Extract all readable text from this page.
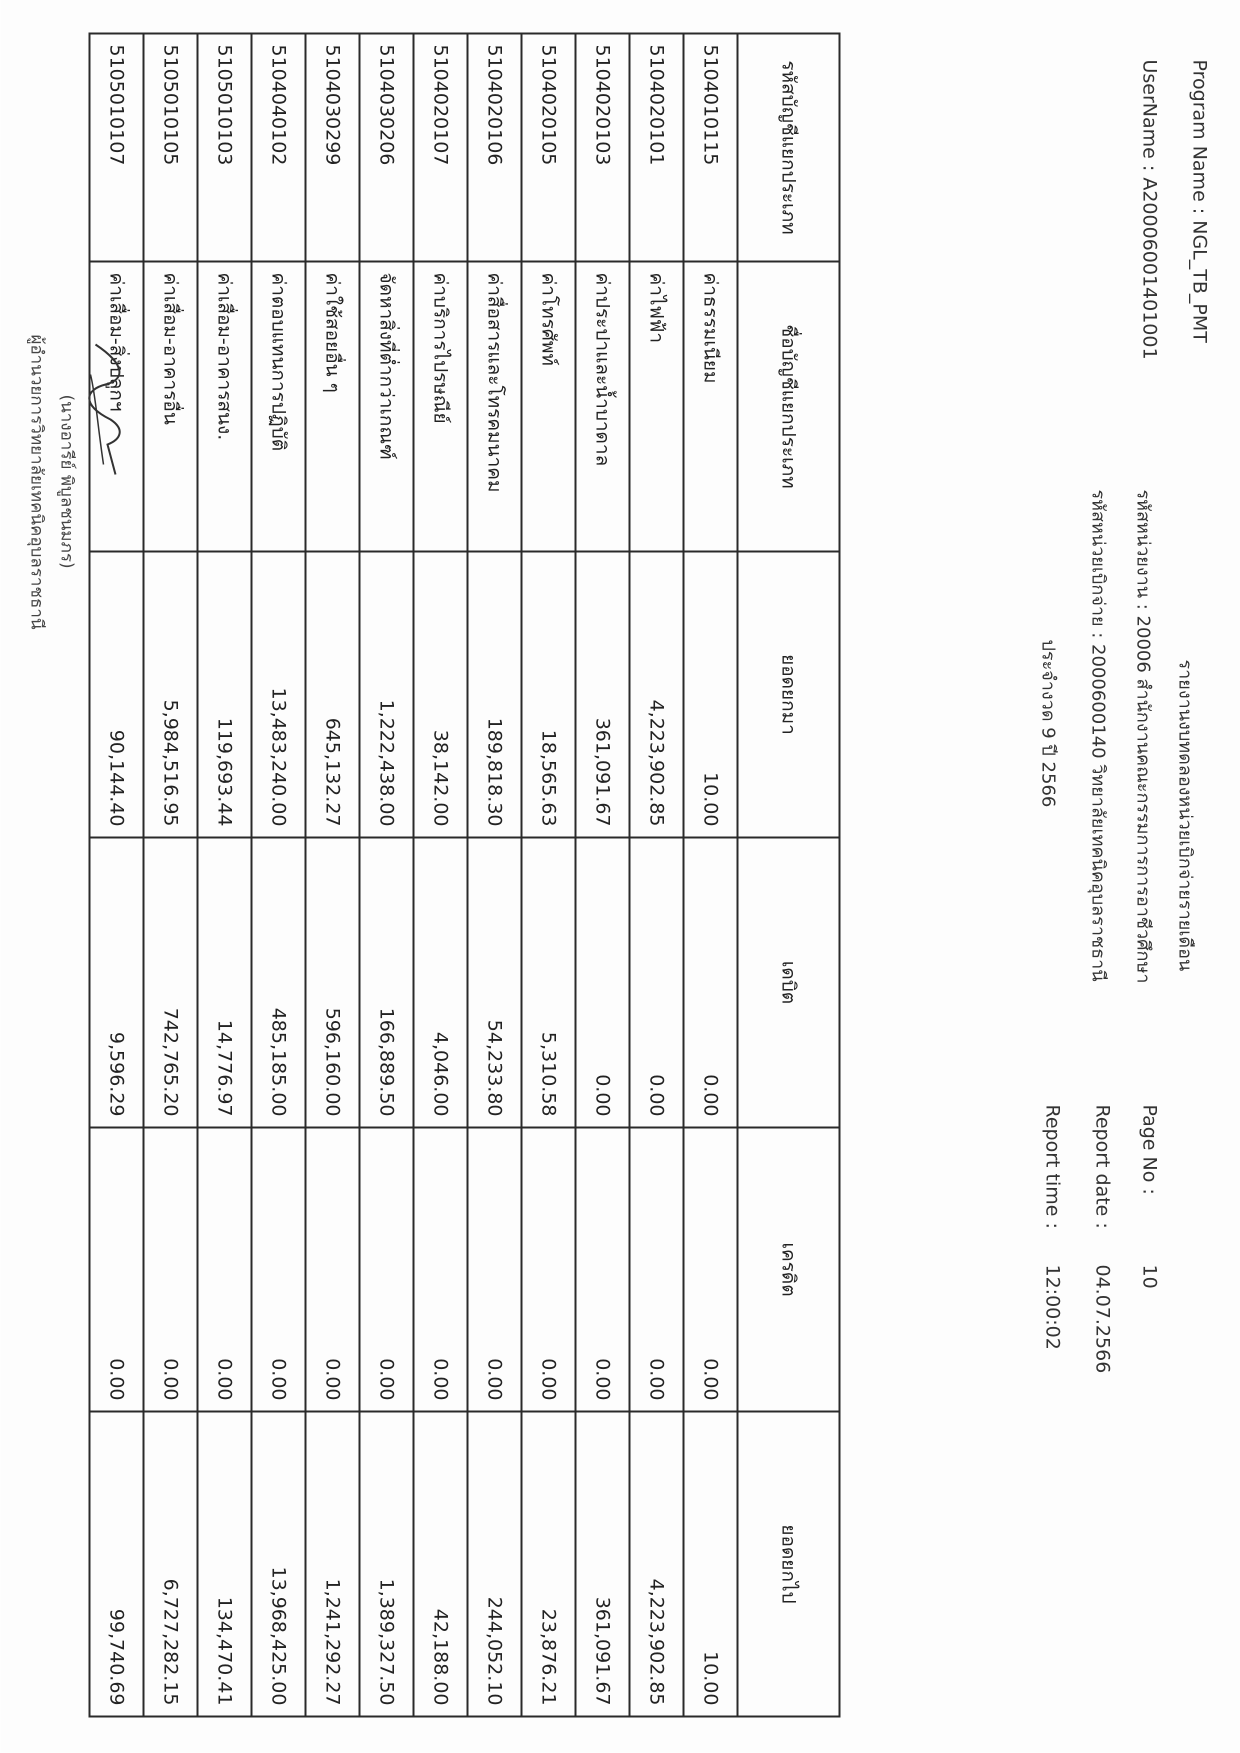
Program Name : NGL_TB_PMT
UserName : A20006001401001
รายงานงบทดลองหน่วยเบิกจ่ายรายเดือน
รหัสหน่วยงาน : 20006 สำนักงานคณะกรรมการการอาชีวศึกษา
รหัสหน่วยเบิกจ่าย : 2000600140 วิทยาลัยเทคนิคอุบลราชธานี
ประจำงวด 9 ปี 2566
Page No :
10
Report date :
04.07.2566
Report time :
12:00:02
รหัสบัญชีแยกประเภท	ชื่อบัญชีแยกประเภท	ยอดยกมา	เดบิต	เครดิต	ยอดยกไป
5104010115	ค่าธรรมเนียม	10.00	0.00	0.00	10.00
5104020101	ค่าไฟฟ้า	4,223,902.85	0.00	0.00	4,223,902.85
5104020103	ค่าประปาและน้ำบาดาล	361,091.67	0.00	0.00	361,091.67
5104020105	ค่าโทรศัพท์	18,565.63	5,310.58	0.00	23,876.21
5104020106	ค่าสื่อสารและโทรคมนาคม	189,818.30	54,233.80	0.00	244,052.10
5104020107	ค่าบริการไปรษณีย์	38,142.00	4,046.00	0.00	42,188.00
5104030206	จัดหาสิ่งที่ต่ำกว่าเกณฑ์	1,222,438.00	166,889.50	0.00	1,389,327.50
5104030299	ค่าใช้สอยอื่น ๆ	645,132.27	596,160.00	0.00	1,241,292.27
5104040102	ค่าตอบแทนการปฏิบัติ	13,483,240.00	485,185.00	0.00	13,968,425.00
5105010103	ค่าเสื่อม-อาคารสนง.	119,693.44	14,776.97	0.00	134,470.41
5105010105	ค่าเสื่อม-อาคารอื่น	5,984,516.95	742,765.20	0.00	6,727,282.15
5105010107	ค่าเสื่อม-สิ่งปลูกฯ	90,144.40	9,596.29	0.00	99,740.69
(นางอารีย์ พิบูลชนมภร)
ผู้อำนวยการวิทยาลัยเทคนิคอุบลราชธานี
